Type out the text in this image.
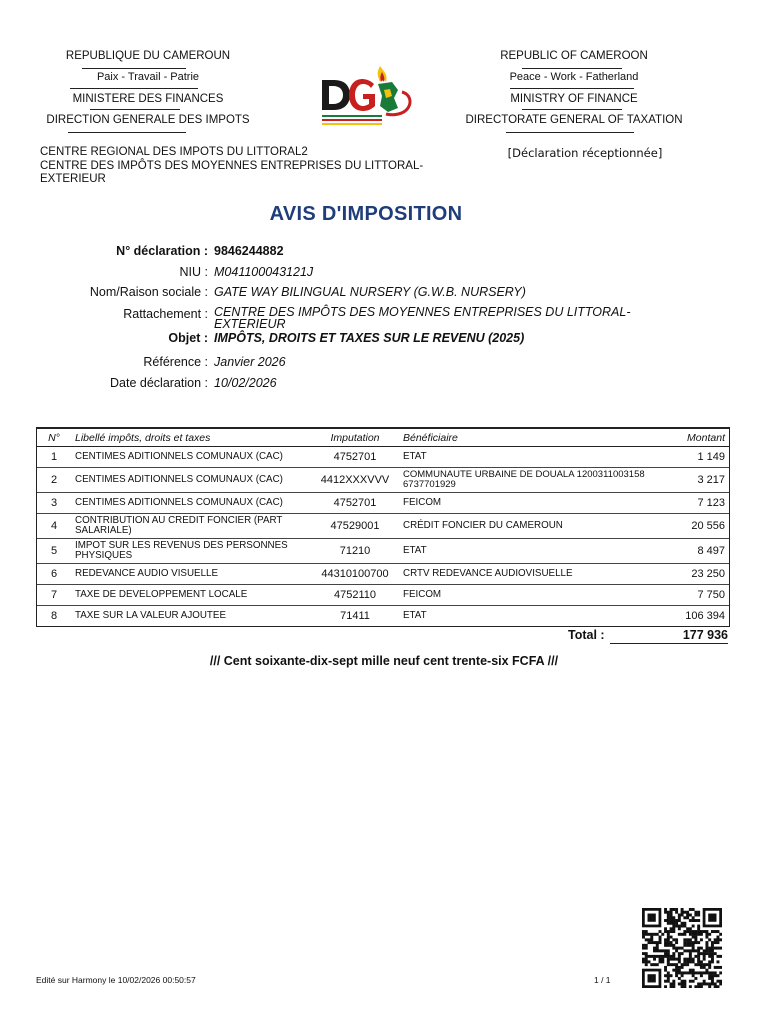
REPUBLIQUE DU CAMEROUN
Paix - Travail - Patrie
MINISTERE DES FINANCES
DIRECTION GENERALE DES IMPOTS
REPUBLIC OF CAMEROON
Peace - Work - Fatherland
MINISTRY OF FINANCE
DIRECTORATE GENERAL OF TAXATION
[Déclaration réceptionnée]
CENTRE REGIONAL DES IMPOTS DU LITTORAL2
CENTRE DES IMPÔTS DES MOYENNES ENTREPRISES DU LITTORAL-
EXTERIEUR
AVIS D'IMPOSITION
N° déclaration : 9846244882
NIU : M041100043121J
Nom/Raison sociale : GATE WAY BILINGUAL NURSERY (G.W.B. NURSERY)
Rattachement : CENTRE DES IMPÔTS DES MOYENNES ENTREPRISES DU LITTORAL-
EXTERIEUR
Objet : IMPÔTS, DROITS ET TAXES SUR LE REVENU (2025)
Référence : Janvier 2026
Date déclaration : 10/02/2026
N°	Libellé impôts, droits et taxes	Imputation	Bénéficiaire	Montant
1	CENTIMES ADITIONNELS COMUNAUX (CAC)	4752701	ETAT	1 149
2	CENTIMES ADITIONNELS COMUNAUX (CAC)	4412XXXVVV	COMMUNAUTE URBAINE DE DOUALA 12003110031586737701929	3 217
3	CENTIMES ADITIONNELS COMUNAUX (CAC)	4752701	FEICOM	7 123
4	CONTRIBUTION AU CREDIT FONCIER (PART SALARIALE)	47529001	CRÉDIT FONCIER DU CAMEROUN	20 556
5	IMPOT SUR LES REVENUS DES PERSONNES PHYSIQUES	71210	ETAT	8 497
6	REDEVANCE AUDIO VISUELLE	44310100700	CRTV REDEVANCE AUDIOVISUELLE	23 250
7	TAXE DE DEVELOPPEMENT LOCALE	4752110	FEICOM	7 750
8	TAXE SUR LA VALEUR AJOUTEE	71411	ETAT	106 394
Total :	177 936
/// Cent soixante-dix-sept mille neuf cent trente-six FCFA ///
Edité sur Harmony le 10/02/2026 00:50:57	1 / 1
